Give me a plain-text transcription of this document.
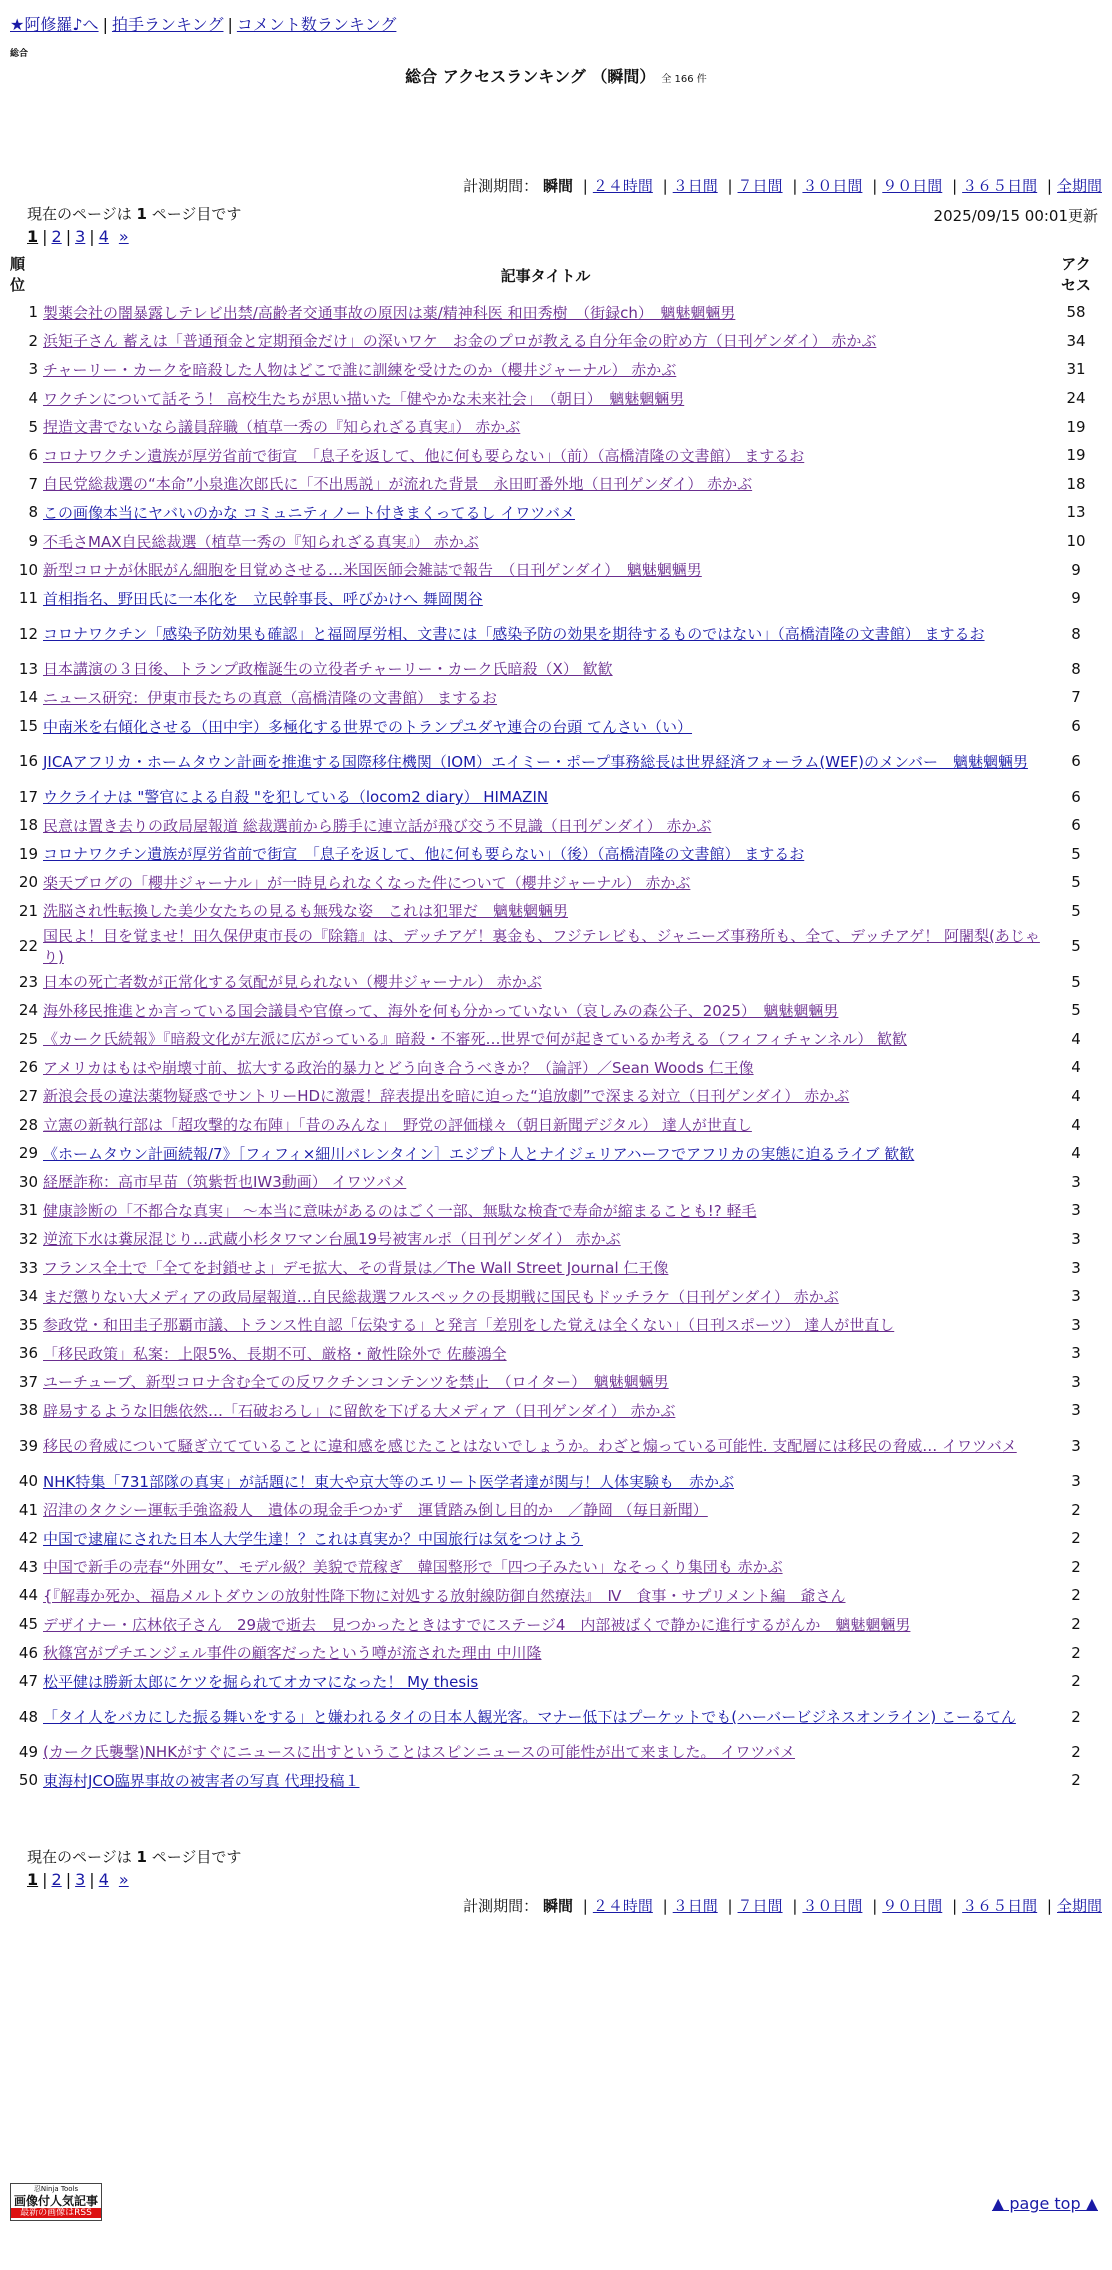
★阿修羅♪へ | 拍手ランキング | コメント数ランキング
総合
総合 アクセスランキング （瞬間） 全 166 件
計測期間： 瞬間 | ２４時間 | ３日間 | ７日間 | ３０日間 | ９０日間 | ３６５日間 | 全期間
現在のページは 1 ページ目です	2025/09/15 00:01更新
1 | 2 | 3 | 4 »
順位	記事タイトル	アクセス
1	製薬会社の闇暴露しテレビ出禁/高齢者交通事故の原因は薬/精神科医 和田秀樹　（街録ch）　魑魅魍魎男	58
2	浜矩子さん 蓄えは「普通預金と定期預金だけ」の深いワケ　お金のプロが教える自分年金の貯め方（日刊ゲンダイ） 赤かぶ	34
3	チャーリー・カークを暗殺した人物はどこで誰に訓練を受けたのか（櫻井ジャーナル） 赤かぶ	31
4	ワクチンについて話そう！ 高校生たちが思い描いた「健やかな未来社会」　（朝日）　魑魅魍魎男	24
5	捏造文書でないなら議員辞職（植草一秀の『知られざる真実』） 赤かぶ	19
6	コロナワクチン遺族が厚労省前で街宣　「息子を返して、他に何も要らない」（前）（高橋清隆の文書館） まするお	19
7	自民党総裁選の“本命”小泉進次郎氏に「不出馬説」が流れた背景　永田町番外地（日刊ゲンダイ） 赤かぶ	18
8	この画像本当にヤバいのかな コミュニティノート付きまくってるし イワツバメ	13
9	不毛さMAX自民総裁選（植草一秀の『知られざる真実』） 赤かぶ	10
10	新型コロナが休眠がん細胞を目覚めさせる…米国医師会雑誌で報告　（日刊ゲンダイ）　魑魅魍魎男	9
11	首相指名、野田氏に一本化を　立民幹事長、呼びかけへ 舞岡関谷	9
12	コロナワクチン「感染予防効果も確認」と福岡厚労相、文書には「感染予防の効果を期待するものではない」（高橋清隆の文書館） まするお	8
13	日本講演の３日後、トランプ政権誕生の立役者チャーリー・カーク氏暗殺（X） 歓歓	8
14	ニュース研究：伊東市長たちの真意（高橋清隆の文書館） まするお	7
15	中南米を右傾化させる（田中宇）多極化する世界でのトランプユダヤ連合の台頭 てんさい（い）	6
16	JICAアフリカ・ホームタウン計画を推進する国際移住機関（IOM）エイミー・ポープ事務総長は世界経済フォーラム(WEF)のメンバー　魑魅魍魎男	6
17	ウクライナは "警官による自殺 "を犯している（locom2 diary） HIMAZIN	6
18	民意は置き去りの政局屋報道 総裁選前から勝手に連立話が飛び交う不見識（日刊ゲンダイ） 赤かぶ	6
19	コロナワクチン遺族が厚労省前で街宣　「息子を返して、他に何も要らない」（後）（高橋清隆の文書館） まするお	5
20	楽天ブログの「櫻井ジャーナル」が一時見られなくなった件について（櫻井ジャーナル） 赤かぶ	5
21	洗脳され性転換した美少女たちの見るも無残な姿　これは犯罪だ　魑魅魍魎男	5
22	国民よ！目を覚ませ！田久保伊東市長の『除籍』は、デッチアゲ！裏金も、フジテレビも、ジャニーズ事務所も、全て、デッチアゲ！ 阿闍梨(あじゃり)	5
23	日本の死亡者数が正常化する気配が見られない（櫻井ジャーナル） 赤かぶ	5
24	海外移民推進とか言っている国会議員や官僚って、海外を何も分かっていない（哀しみの森公子、2025）　魑魅魍魎男	5
25	《カーク氏続報》『暗殺文化が左派に広がっている』暗殺・不審死…世界で何が起きているか考える（フィフィチャンネル） 歓歓	4
26	アメリカはもはや崩壊寸前、拡大する政治的暴力とどう向き合うべきか？（論評）／Sean Woods 仁王像	4
27	新浪会長の違法薬物疑惑でサントリーHDに激震！辞表提出を暗に迫った“追放劇”で深まる対立（日刊ゲンダイ） 赤かぶ	4
28	立憲の新執行部は「超攻撃的な布陣」「昔のみんな」　野党の評価様々（朝日新聞デジタル） 達人が世直し	4
29	《ホームタウン計画続報/7》［フィフィ×細川バレンタイン］エジプト人とナイジェリアハーフでアフリカの実態に迫るライブ 歓歓	4
30	経歴詐称：高市早苗（筑紫哲也IW3動画） イワツバメ	3
31	健康診断の「不都合な真実」 ～本当に意味があるのはごく一部、無駄な検査で寿命が縮まることも!? 軽毛	3
32	逆流下水は糞尿混じり…武蔵小杉タワマン台風19号被害ルポ（日刊ゲンダイ） 赤かぶ	3
33	フランス全土で「全てを封鎖せよ」デモ拡大、その背景は／The Wall Street Journal 仁王像	3
34	まだ懲りない大メディアの政局屋報道…自民総裁選フルスペックの長期戦に国民もドッチラケ（日刊ゲンダイ） 赤かぶ	3
35	参政党・和田圭子那覇市議、トランス性自認「伝染する」と発言「差別をした覚えは全くない」（日刊スポーツ） 達人が世直し	3
36	「移民政策」私案：上限5%、長期不可、厳格・敵性除外で 佐藤鴻全	3
37	ユーチューブ、新型コロナ含む全ての反ワクチンコンテンツを禁止　（ロイター）　魑魅魍魎男	3
38	辟易するような旧態依然…「石破おろし」に留飲を下げる大メディア（日刊ゲンダイ） 赤かぶ	3
39	移民の脅威について騒ぎ立てていることに違和感を感じたことはないでしょうか。わざと煽っている可能性. 支配層には移民の脅威… イワツバメ	3
40	NHK特集「731部隊の真実」が話題に！東大や京大等のエリート医学者達が関与！人体実験も　赤かぶ	3
41	沼津のタクシー運転手強盗殺人　遺体の現金手つかず　運賃踏み倒し目的か　／静岡 （毎日新聞）	2
42	中国で逮雇にされた日本人大学生達！？これは真実か？中国旅行は気をつけよう	2
43	中国で新手の売春“外囲女”、モデル級？美貌で荒稼ぎ　韓国整形で「四つ子みたい」なそっくり集団も 赤かぶ	2
44	{『解毒か死か、福島メルトダウンの放射性降下物に対処する放射線防御自然療法』　Ⅳ　食事・サプリメント編　爺さん	2
45	デザイナー・広林依子さん　29歳で逝去　見つかったときはすでにステージ4　内部被ばくで静かに進行するがんか　魑魅魍魎男	2
46	秋篠宮がプチエンジェル事件の顧客だったという噂が流された理由 中川隆	2
47	松平健は勝新太郎にケツを掘られてオカマになった！ My thesis	2
48	「タイ人をバカにした振る舞いをする」と嫌われるタイの日本人観光客。マナー低下はプーケットでも(ハーバービジネスオンライン) こーるてん	2
49	(カーク氏襲撃)NHKがすぐにニュースに出すということはスピンニュースの可能性が出て来ました。 イワツバメ	2
50	東海村JCO臨界事故の被害者の写真 代理投稿１	2
現在のページは 1 ページ目です
1 | 2 | 3 | 4 »
計測期間： 瞬間 | ２４時間 | ３日間 | ７日間 | ３０日間 | ９０日間 | ３６５日間 | 全期間
忍Ninja Tools
画像付人気記事
最新の画像はRSS	▲ page top ▲
